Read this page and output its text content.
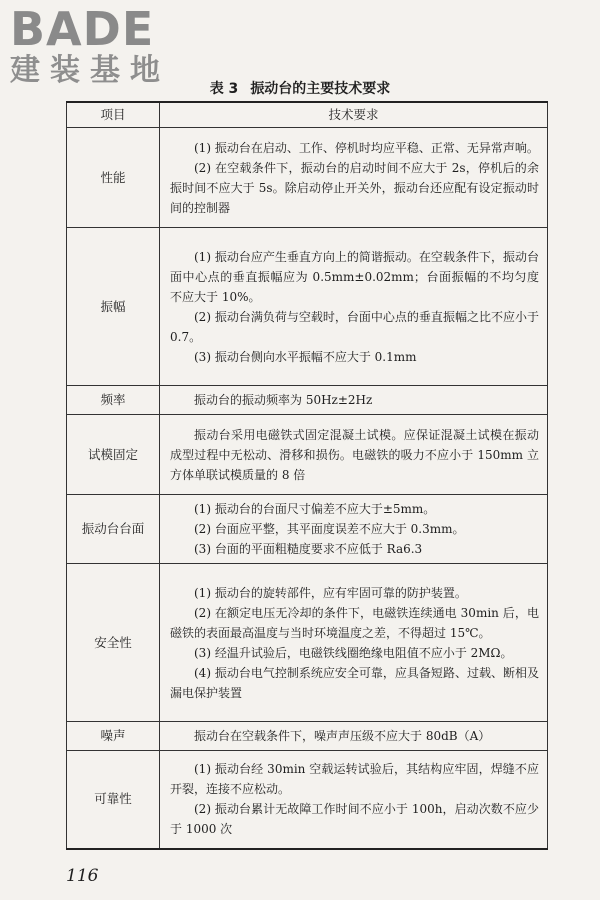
BADE
建装基地
表 3 振动台的主要技术要求
项目	技术要求
性能	(1) 振动台在启动、工作、停机时均应平稳、正常、无异常声响。

(2) 在空载条件下，振动台的启动时间不应大于 2s，停机后的余振时间不应大于 5s。除启动停止开关外，振动台还应配有设定振动时间的控制器

振幅	(1) 振动台应产生垂直方向上的简谐振动。在空载条件下，振动台面中心点的垂直振幅应为 0.5mm±0.02mm；台面振幅的不均匀度不应大于 10%。

(2) 振动台满负荷与空载时，台面中心点的垂直振幅之比不应小于 0.7。

(3) 振动台侧向水平振幅不应大于 0.1mm

频率	振动台的振动频率为 50Hz±2Hz

试模固定	振动台采用电磁铁式固定混凝土试模。应保证混凝土试模在振动成型过程中无松动、滑移和损伤。电磁铁的吸力不应小于 150mm 立方体单联试模质量的 8 倍

振动台台面	(1) 振动台的台面尺寸偏差不应大于±5mm。

(2) 台面应平整，其平面度误差不应大于 0.3mm。

(3) 台面的平面粗糙度要求不应低于 Ra6.3

安全性	(1) 振动台的旋转部件，应有牢固可靠的防护装置。

(2) 在额定电压无冷却的条件下，电磁铁连续通电 30min 后，电磁铁的表面最高温度与当时环境温度之差，不得超过 15℃。

(3) 经温升试验后，电磁铁线圈绝缘电阻值不应小于 2MΩ。

(4) 振动台电气控制系统应安全可靠，应具备短路、过载、断相及漏电保护装置

噪声	振动台在空载条件下，噪声声压级不应大于 80dB（A）

可靠性	(1) 振动台经 30min 空载运转试验后，其结构应牢固，焊缝不应开裂，连接不应松动。

(2) 振动台累计无故障工作时间不应小于 100h，启动次数不应少于 1000 次

116
